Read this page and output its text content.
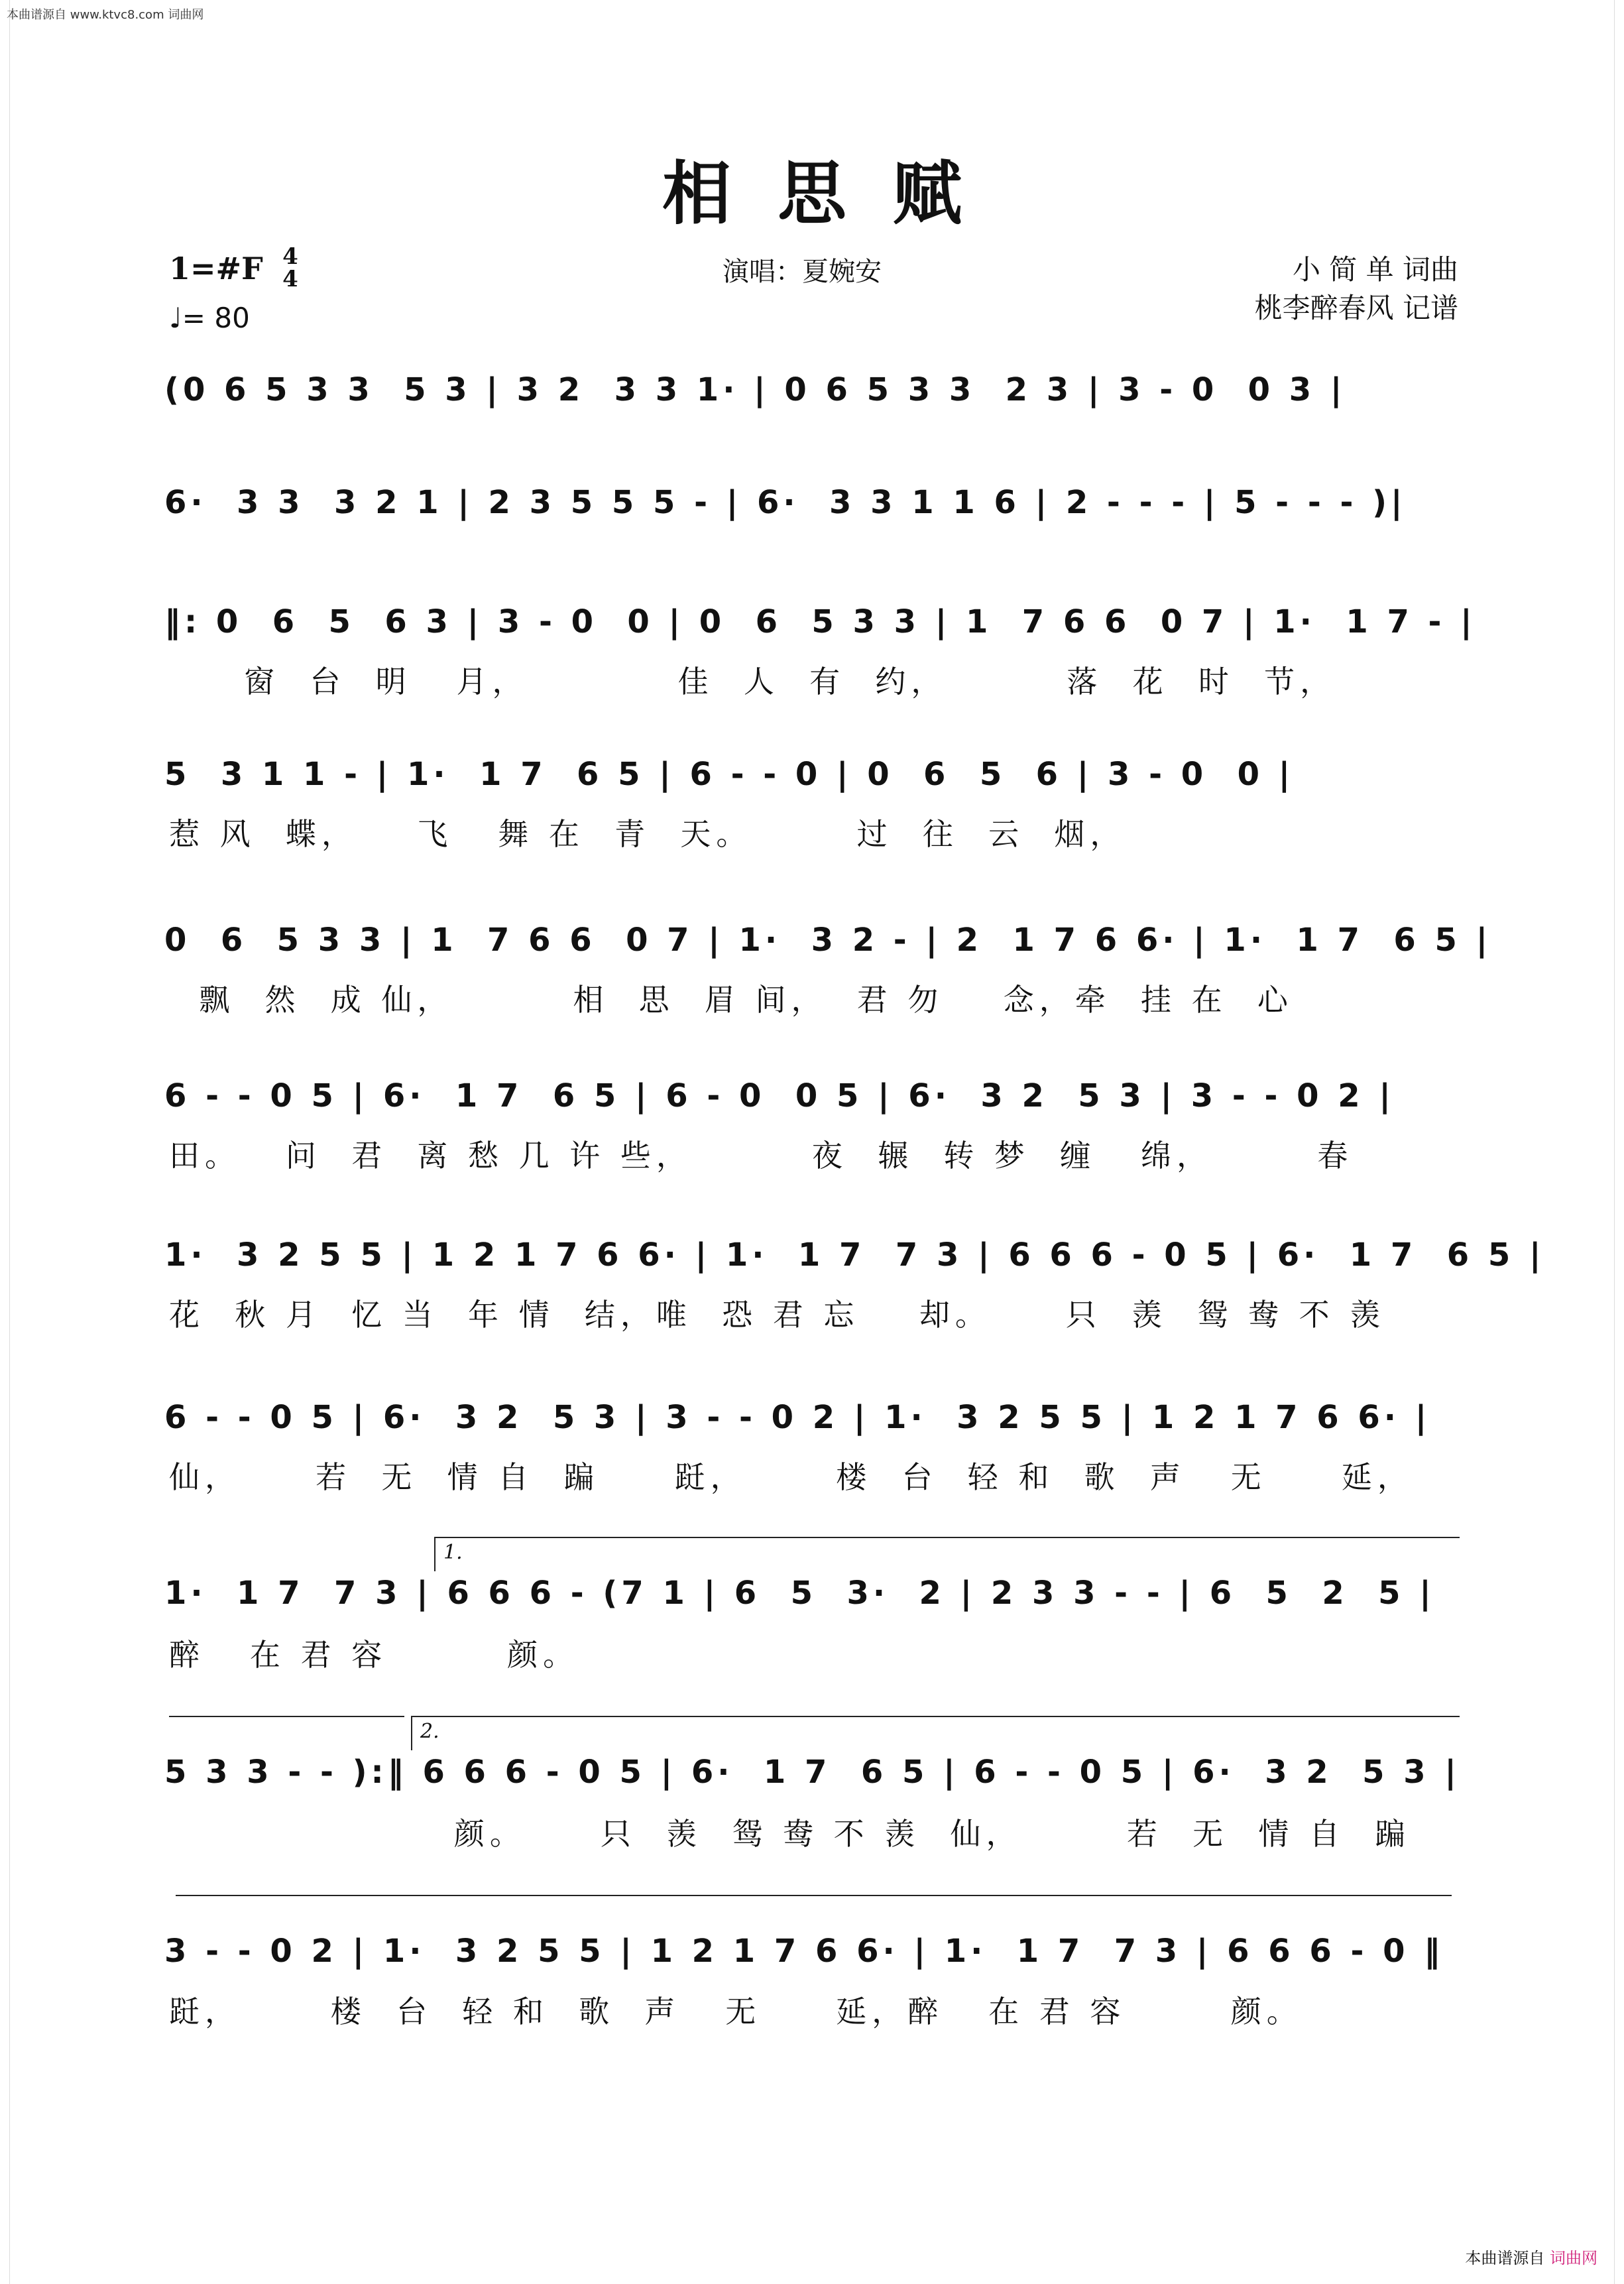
本曲谱源自 www.ktvc8.com 词曲网
相思赋
1=#F 4
4
♩= 80
演唱：夏婉安	小 简 单 词曲
桃李醉春风 记谱
(0 6 5 3 3  5 3 | 3 2  3 3 1· | 0 6 5 3 3  2 3 | 3 - 0  0 3 |
6·  3 3  3 2 1 | 2 3 5 5 5 - | 6·  3 3 1 1 6 | 2 - - - | 5 - - - )|
‖: 0  6  5  6 3 | 3 - 0  0 | 0  6  5 3 3 | 1  7 6 6  0 7 | 1·  1 7 - |
窗  台  明   月，          佳  人  有  约，        落  花  时  节，
5  3 1 1 - | 1·  1 7  6 5 | 6 - - 0 | 0  6  5  6 | 3 - 0  0 |
惹 风  蝶，    飞   舞 在  青  天。       过  往  云  烟，
0  6  5 3 3 | 1  7 6 6  0 7 | 1·  3 2 - | 2  1 7 6 6· | 1·  1 7  6 5 |
飘  然  成 仙，        相  思  眉 间，  君 勿    念，牵  挂 在  心
6 - - 0 5 | 6·  1 7  6 5 | 6 - 0  0 5 | 6·  3 2  5 3 | 3 - - 0 2 |
田。   问  君  离 愁 几 许 些，        夜  辗  转 梦  缠   绵，       春
1·  3 2 5 5 | 1 2 1 7 6 6· | 1·  1 7  7 3 | 6 6 6 - 0 5 | 6·  1 7  6 5 |
花  秋 月  忆 当  年 情  结，唯  恐 君 忘    却。     只  羡  鸳 鸯 不 羡
6 - - 0 5 | 6·  3 2  5 3 | 3 - - 0 2 | 1·  3 2 5 5 | 1 2 1 7 6 6· |
仙，     若  无  情 自  蹁     跹，      楼  台  轻 和  歌  声   无     延，
1.
1·  1 7  7 3 | 6 6 6 - (7 1 | 6  5  3·  2 | 2 3 3 - - | 6  5  2  5 |
醉   在 君 容        颜。
2.
5 3 3 - - ):‖ 6 6 6 - 0 5 | 6·  1 7  6 5 | 6 - - 0 5 | 6·  3 2  5 3 |
颜。     只  羡  鸳 鸯 不 羡  仙，       若  无  情 自  蹁
3 - - 0 2 | 1·  3 2 5 5 | 1 2 1 7 6 6· | 1·  1 7  7 3 | 6 6 6 - 0 ‖
跹，      楼  台  轻 和  歌  声   无     延，醉   在 君 容       颜。
本曲谱源自 词曲网
